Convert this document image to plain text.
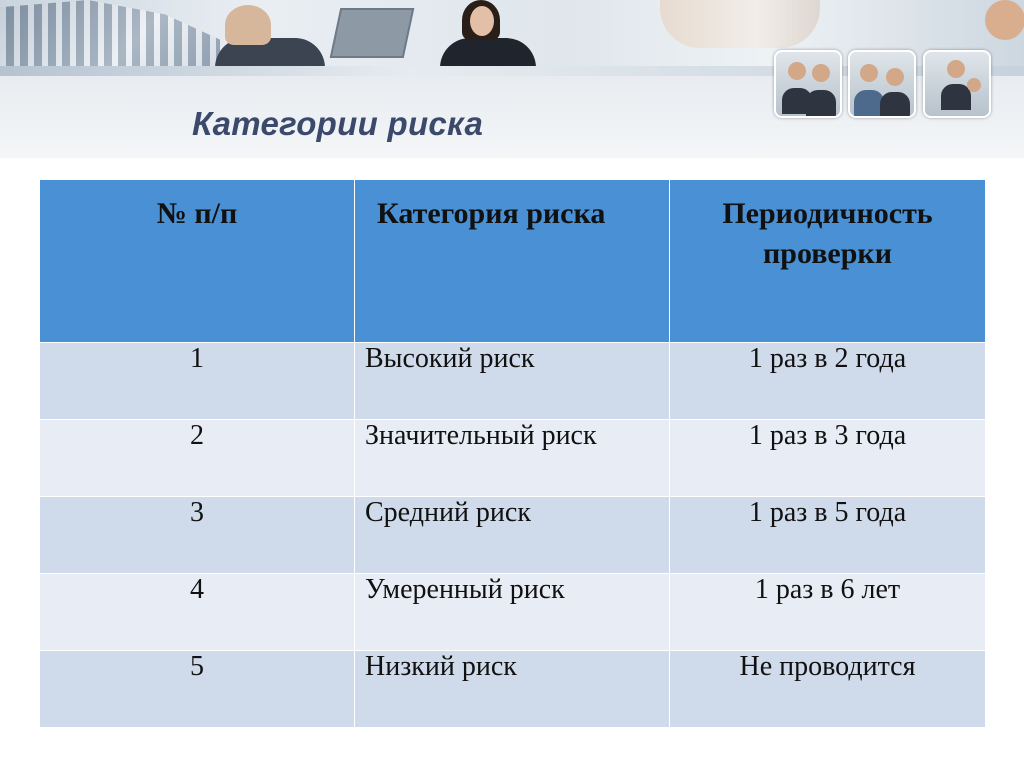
Категории риска
№ п/п	Категория риска	Периодичность проверки
1	Высокий риск	1 раз в 2 года
2	Значительный риск	1 раз в 3 года
3	Средний риск	1 раз в 5 года
4	Умеренный риск	1 раз в 6 лет
5	Низкий риск	Не проводится
